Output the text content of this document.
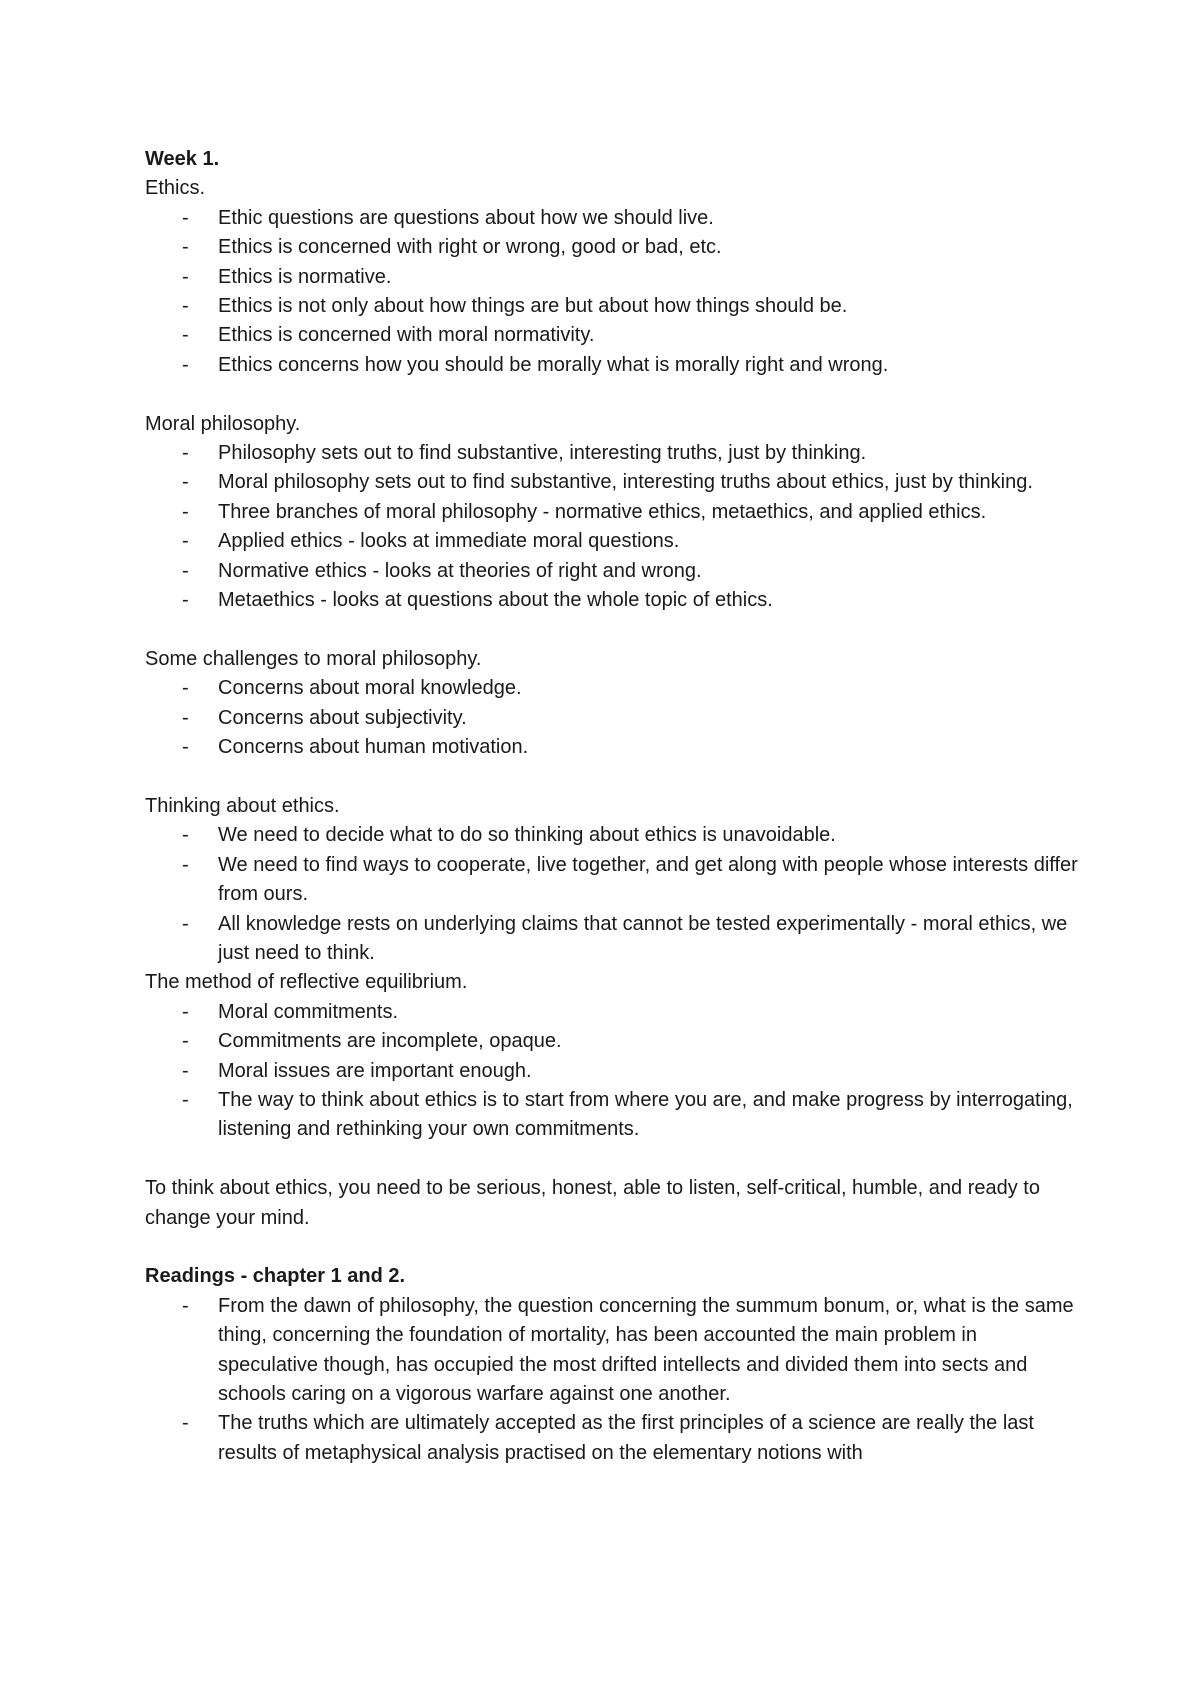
Week 1.

Ethics.

- Ethic questions are questions about how we should live.
- Ethics is concerned with right or wrong, good or bad, etc.
- Ethics is normative.
- Ethics is not only about how things are but about how things should be.
- Ethics is concerned with moral normativity.
- Ethics concerns how you should be morally what is morally right and wrong.

Moral philosophy.

- Philosophy sets out to find substantive, interesting truths, just by thinking.
- Moral philosophy sets out to find substantive, interesting truths about ethics, just by thinking.
- Three branches of moral philosophy - normative ethics, metaethics, and applied ethics.
- Applied ethics - looks at immediate moral questions.
- Normative ethics - looks at theories of right and wrong.
- Metaethics - looks at questions about the whole topic of ethics.

Some challenges to moral philosophy.

- Concerns about moral knowledge.
- Concerns about subjectivity.
- Concerns about human motivation.

Thinking about ethics.

- We need to decide what to do so thinking about ethics is unavoidable.
- We need to find ways to cooperate, live together, and get along with people whose interests differ from ours.
- All knowledge rests on underlying claims that cannot be tested experimentally - moral ethics, we just need to think.

The method of reflective equilibrium.

- Moral commitments.
- Commitments are incomplete, opaque.
- Moral issues are important enough.
- The way to think about ethics is to start from where you are, and make progress by interrogating, listening and rethinking your own commitments.

To think about ethics, you need to be serious, honest, able to listen, self-critical, humble, and ready to change your mind.

Readings - chapter 1 and 2.

- From the dawn of philosophy, the question concerning the summum bonum, or, what is the same thing, concerning the foundation of mortality, has been accounted the main problem in speculative though, has occupied the most drifted intellects and divided them into sects and schools caring on a vigorous warfare against one another.
- The truths which are ultimately accepted as the first principles of a science are really the last results of metaphysical analysis practised on the elementary notions with
